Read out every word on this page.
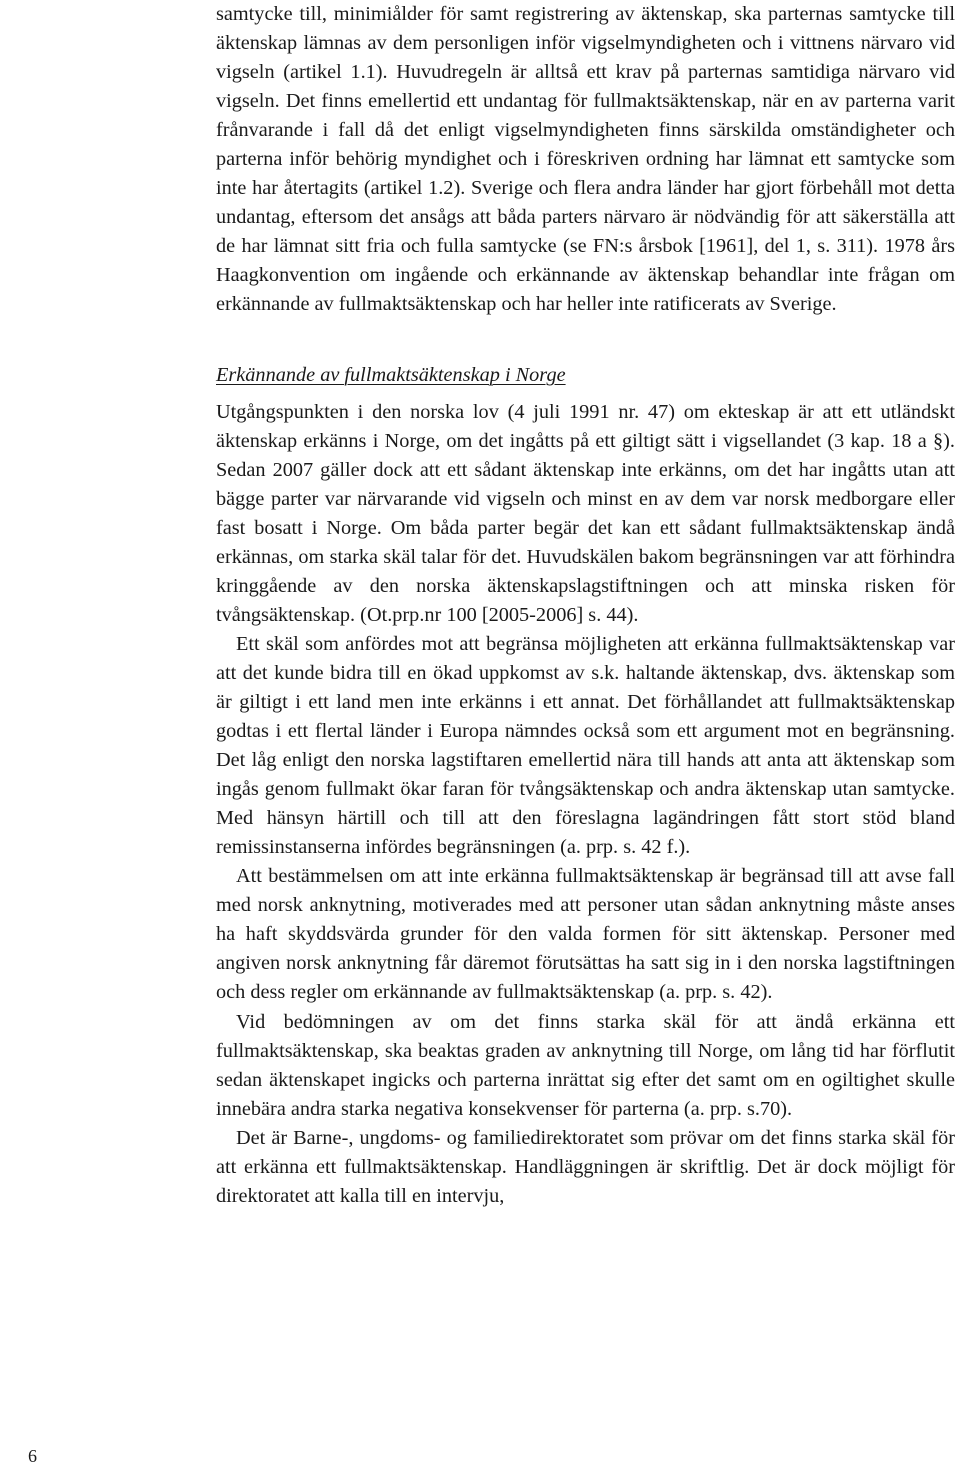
samtycke till, minimiålder för samt registrering av äktenskap, ska parternas samtycke till äktenskap lämnas av dem personligen inför vigselmyndigheten och i vittnens närvaro vid vigseln (artikel 1.1). Huvudregeln är alltså ett krav på parternas samtidiga närvaro vid vigseln. Det finns emellertid ett undantag för fullmaktsäktenskap, när en av parterna varit frånvarande i fall då det enligt vigselmyndigheten finns särskilda omständigheter och parterna inför behörig myndighet och i föreskriven ordning har lämnat ett samtycke som inte har återtagits (artikel 1.2). Sverige och flera andra länder har gjort förbehåll mot detta undantag, eftersom det ansågs att båda parters närvaro är nödvändig för att säkerställa att de har lämnat sitt fria och fulla samtycke (se FN:s årsbok [1961], del 1, s. 311). 1978 års Haagkonvention om ingående och erkännande av äktenskap behandlar inte frågan om erkännande av fullmaktsäktenskap och har heller inte ratificerats av Sverige.

Erkännande av fullmaktsäktenskap i Norge

Utgångspunkten i den norska lov (4 juli 1991 nr. 47) om ekteskap är att ett utländskt äktenskap erkänns i Norge, om det ingåtts på ett giltigt sätt i vigsellandet (3 kap. 18 a §). Sedan 2007 gäller dock att ett sådant äktenskap inte erkänns, om det har ingåtts utan att bägge parter var närvarande vid vigseln och minst en av dem var norsk medborgare eller fast bosatt i Norge. Om båda parter begär det kan ett sådant fullmaktsäktenskap ändå erkännas, om starka skäl talar för det. Huvudskälen bakom begränsningen var att förhindra kringgående av den norska äktenskapslagstiftningen och att minska risken för tvångsäktenskap. (Ot.prp.nr 100 [2005-2006] s. 44).

Ett skäl som anfördes mot att begränsa möjligheten att erkänna fullmaktsäktenskap var att det kunde bidra till en ökad uppkomst av s.k. haltande äktenskap, dvs. äktenskap som är giltigt i ett land men inte erkänns i ett annat. Det förhållandet att fullmaktsäktenskap godtas i ett flertal länder i Europa nämndes också som ett argument mot en begränsning. Det låg enligt den norska lagstiftaren emellertid nära till hands att anta att äktenskap som ingås genom fullmakt ökar faran för tvångsäktenskap och andra äktenskap utan samtycke. Med hänsyn härtill och till att den föreslagna lagändringen fått stort stöd bland remissinstanserna infördes begränsningen (a. prp. s. 42 f.).

Att bestämmelsen om att inte erkänna fullmaktsäktenskap är begränsad till att avse fall med norsk anknytning, motiverades med att personer utan sådan anknytning måste anses ha haft skyddsvärda grunder för den valda formen för sitt äktenskap. Personer med angiven norsk anknytning får däremot förutsättas ha satt sig in i den norska lagstiftningen och dess regler om erkännande av fullmaktsäktenskap (a. prp. s. 42).

Vid bedömningen av om det finns starka skäl för att ändå erkänna ett fullmaktsäktenskap, ska beaktas graden av anknytning till Norge, om lång tid har förflutit sedan äktenskapet ingicks och parterna inrättat sig efter det samt om en ogiltighet skulle innebära andra starka negativa konsekvenser för parterna (a. prp. s.70).

Det är Barne-, ungdoms- og familiedirektoratet som prövar om det finns starka skäl för att erkänna ett fullmaktsäktenskap. Handläggningen är skriftlig. Det är dock möjligt för direktoratet att kalla till en intervju,

6
